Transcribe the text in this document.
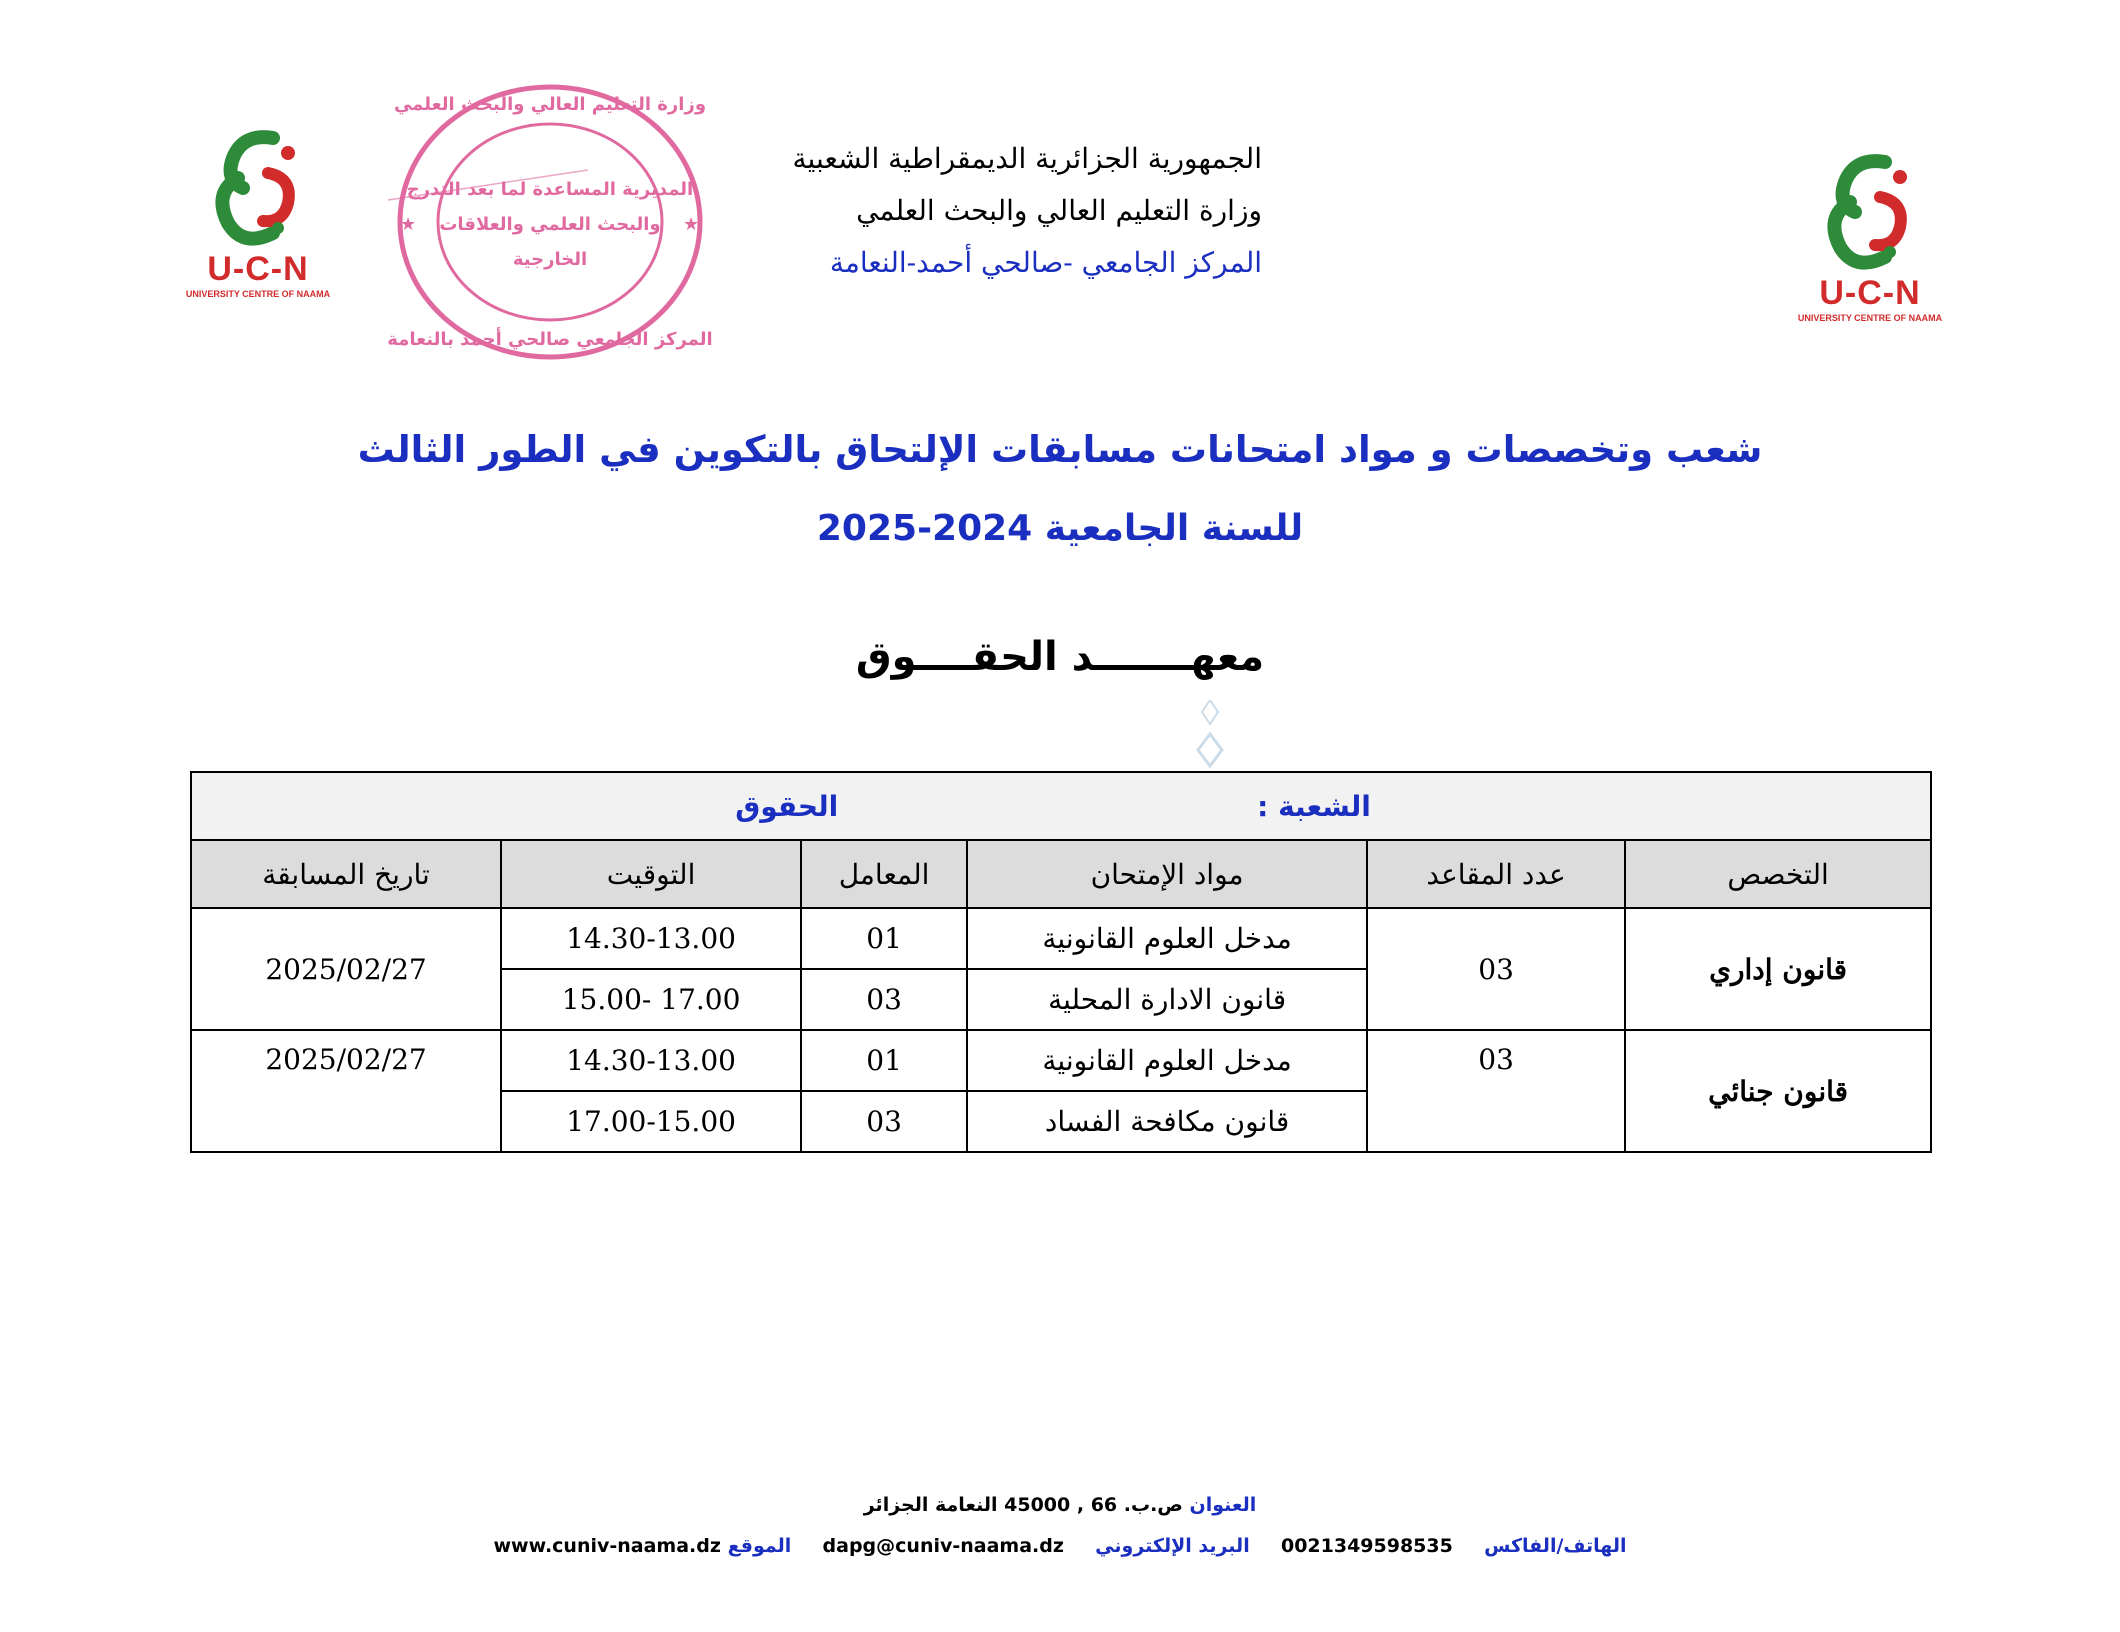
U-C-N
UNIVERSITY CENTRE OF NAAMA	U-C-N
UNIVERSITY CENTRE OF NAAMA
وزارة التعليم العالي والبحث العلمي
المديرية المساعدة لما بعد التدرج
والبحث العلمي والعلاقات
الخارجية
المركز الجامعي صالحي أحمد بالنعامة
★	★
الجمهورية الجزائرية الديمقراطية الشعبية
وزارة التعليم العالي والبحث العلمي
المركز الجامعي -صالحي أحمد-النعامة
شعب وتخصصات و مواد امتحانات مسابقات الإلتحاق بالتكوين في الطور الثالث
للسنة الجامعية 2024-2025
معهـــــــد الحقــــوق
الشعبة : الحقوق					
التخصص	عدد المقاعد	مواد الإمتحان	المعامل	التوقيت	تاريخ المسابقة
قانون إداري	03	مدخل العلوم القانونية	01	14.30-13.00	2025/02/27
		قانون الادارة المحلية	03	17.00 -15.00	
قانون جنائي	03	مدخل العلوم القانونية	01	14.30-13.00	2025/02/27
		قانون مكافحة الفساد	03	17.00-15.00	
العنوان ص.ب. 66 , 45000 النعامة الجزائر
الهاتف/الفاكس  0021349598535  البريد الإلكتروني  dapg@cuniv-naama.dz  الموقع www.cuniv-naama.dz
